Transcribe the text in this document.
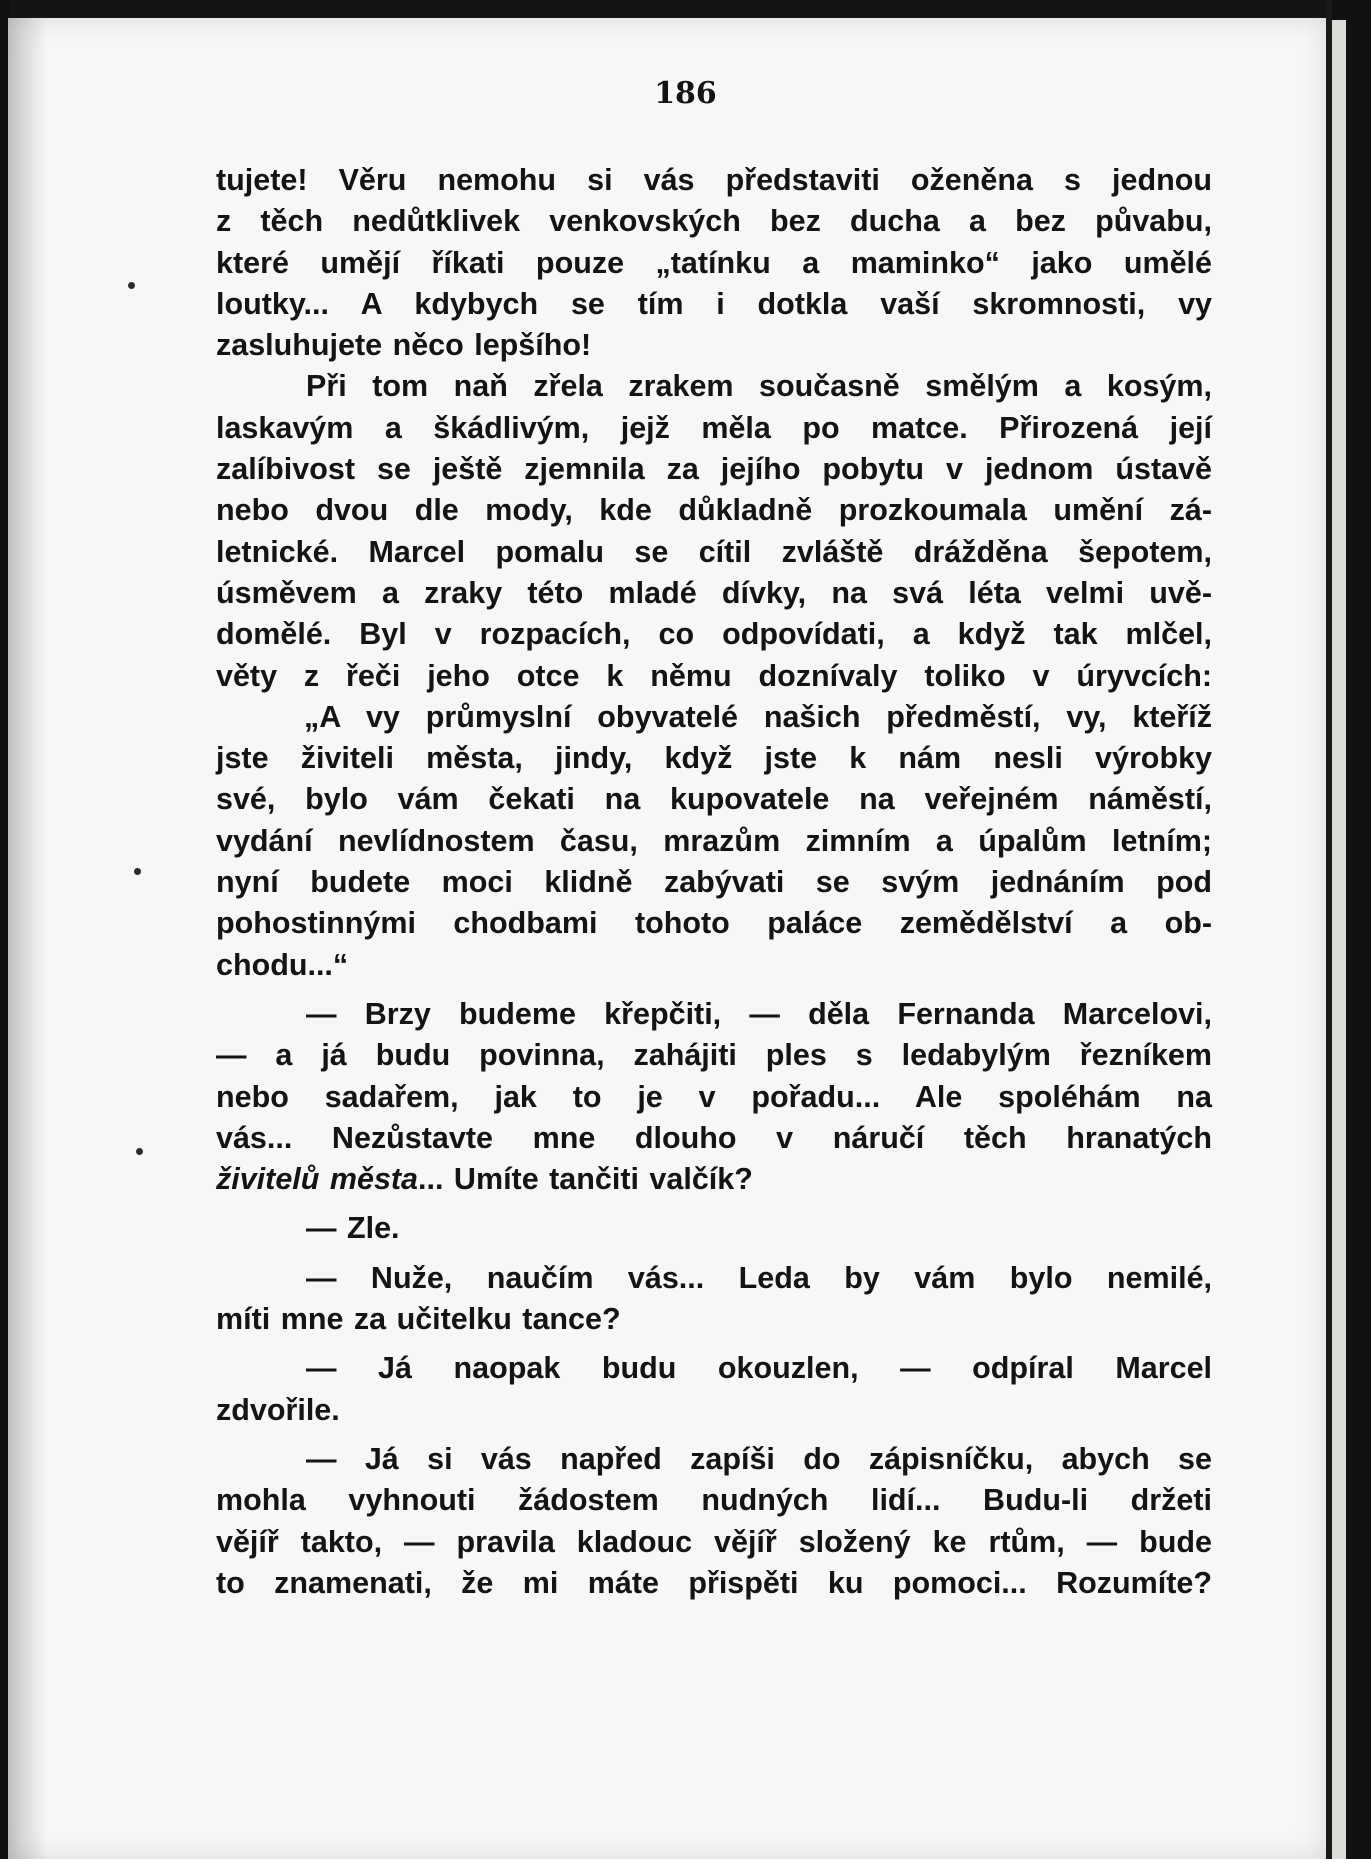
186
tujete! Věru nemohu si vás představiti oženěna s jednou
z těch nedůtklivek venkovských bez ducha a bez půvabu,
které umějí říkati pouze „tatínku a maminko“ jako umělé
loutky... A kdybych se tím i dotkla vaší skromnosti, vy
zasluhujete něco lepšího!
Při tom naň zřela zrakem současně smělým a kosým,
laskavým a škádlivým, jejž měla po matce. Přirozená její
zalíbivost se ještě zjemnila za jejího pobytu v jednom ústavě
nebo dvou dle mody, kde důkladně prozkoumala umění zá-
letnické. Marcel pomalu se cítil zvláště drážděna šepotem,
úsměvem a zraky této mladé dívky, na svá léta velmi uvě-
domělé. Byl v rozpacích, co odpovídati, a když tak mlčel,
věty z řeči jeho otce k němu doznívaly toliko v úryvcích:
„A vy průmyslní obyvatelé našich předměstí, vy, kteříž
jste živiteli města, jindy, když jste k nám nesli výrobky
své, bylo vám čekati na kupovatele na veřejném náměstí,
vydání nevlídnostem času, mrazům zimním a úpalům letním;
nyní budete moci klidně zabývati se svým jednáním pod
pohostinnými chodbami tohoto paláce zemědělství a ob-
chodu...“
— Brzy budeme křepčiti, — děla Fernanda Marcelovi,
— a já budu povinna, zahájiti ples s ledabylým řezníkem
nebo sadařem, jak to je v pořadu... Ale spoléhám na
vás... Nezůstavte mne dlouho v náručí těch hranatých
živitelů města... Umíte tančiti valčík?
— Zle.
— Nuže, naučím vás... Leda by vám bylo nemilé,
míti mne za učitelku tance?
— Já naopak budu okouzlen, — odpíral Marcel
zdvořile.
— Já si vás napřed zapíši do zápisníčku, abych se
mohla vyhnouti žádostem nudných lidí... Budu-li držeti
vějíř takto, — pravila kladouc vějíř složený ke rtům, — bude
to znamenati, že mi máte přispěti ku pomoci... Rozumíte?
